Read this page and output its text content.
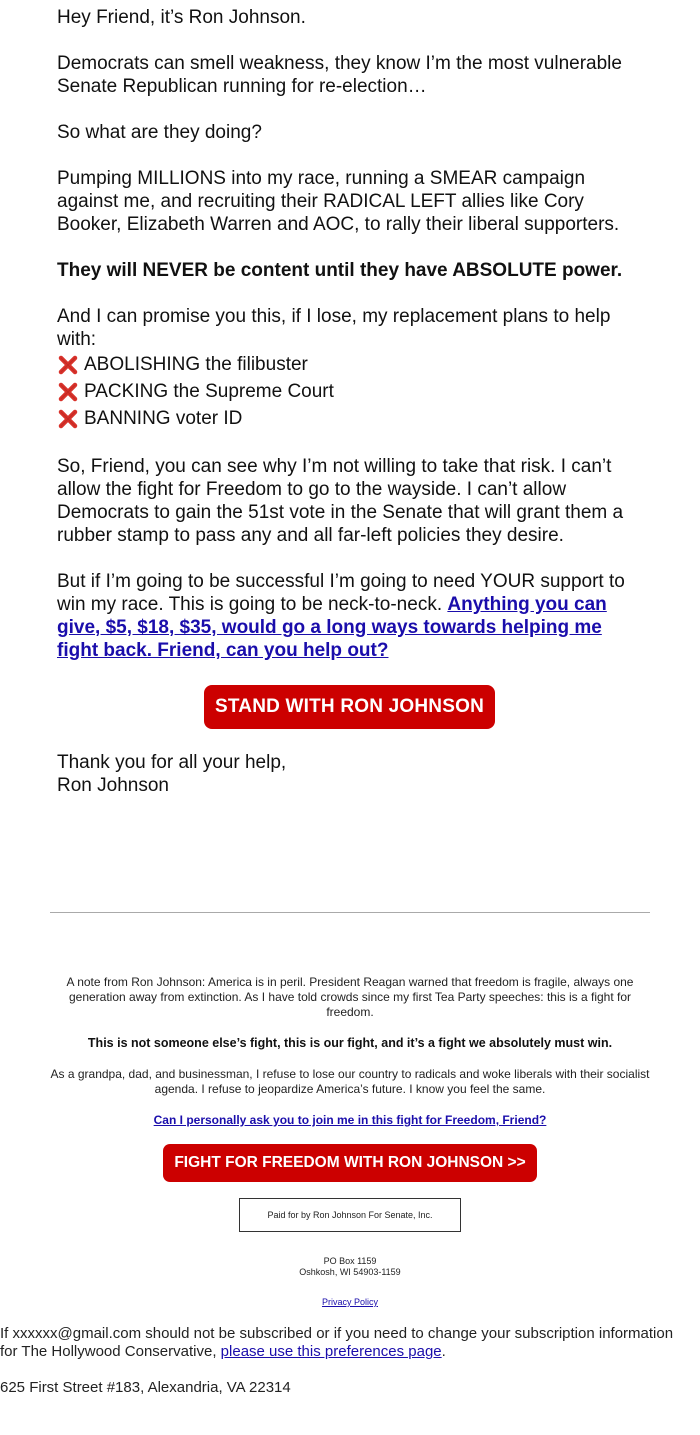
Hey Friend, it’s Ron Johnson.

Democrats can smell weakness, they know I’m the most vulnerable Senate Republican running for re-election…

So what are they doing?

Pumping MILLIONS into my race, running a SMEAR campaign against me, and recruiting their RADICAL LEFT allies like Cory Booker, Elizabeth Warren and AOC, to rally their liberal supporters.

They will NEVER be content until they have ABSOLUTE power.

And I can promise you this, if I lose, my replacement plans to help with:

ABOLISHING the filibuster
PACKING the Supreme Court
BANNING voter ID

So, Friend, you can see why I’m not willing to take that risk. I can’t allow the fight for Freedom to go to the wayside. I can’t allow Democrats to gain the 51st vote in the Senate that will grant them a rubber stamp to pass any and all far-left policies they desire.

But if I’m going to be successful I’m going to need YOUR support to win my race. This is going to be neck-to-neck. Anything you can give, $5, $18, $35, would go a long ways towards helping me fight back. Friend, can you help out?

STAND WITH RON JOHNSON

Thank you for all your help,
Ron Johnson

A note from Ron Johnson: America is in peril. President Reagan warned that freedom is fragile, always one generation away from extinction. As I have told crowds since my first Tea Party speeches: this is a fight for freedom.

This is not someone else’s fight, this is our fight, and it’s a fight we absolutely must win.

As a grandpa, dad, and businessman, I refuse to lose our country to radicals and woke liberals with their socialist agenda. I refuse to jeopardize America’s future. I know you feel the same.

Can I personally ask you to join me in this fight for Freedom, Friend?

FIGHT FOR FREEDOM WITH RON JOHNSON >>
Paid for by Ron Johnson For Senate, Inc.
PO Box 1159
Oshkosh, WI 54903-1159
Privacy Policy
If xxxxxx@gmail.com should not be subscribed or if you need to change your subscription information for The Hollywood Conservative, please use this preferences page.
625 First Street #183, Alexandria, VA 22314
